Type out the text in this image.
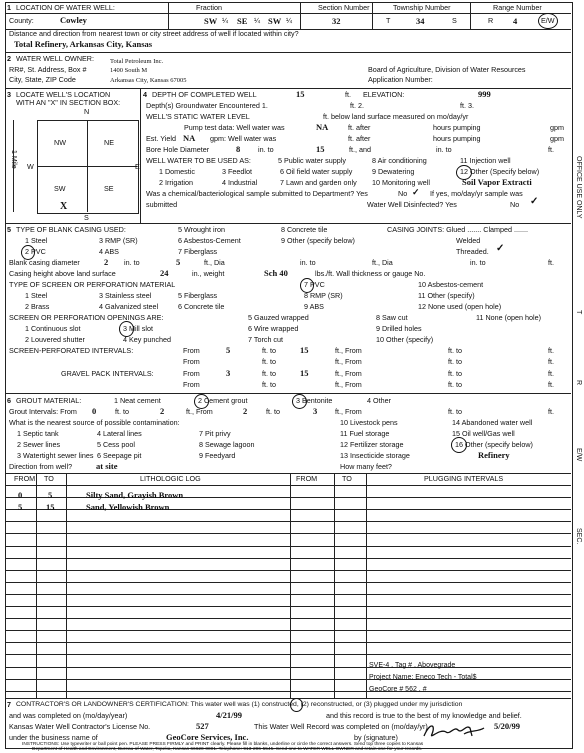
1 LOCATION OF WATER WELL:	Fraction	Section Number	Township Number	Range Number
County:	Cowley	SW ¼ SE ¼ SW ¼	32	T	34	S	R 4	E/W
Distance and direction from nearest town or city street address of well if located within city?
Total Refinery, Arkansas City, Kansas
2 WATER WELL OWNER: Total Petroleum Inc.
RR#, St. Address, Box #	1400 South M
City, State, ZIP Code	Arkansas City, Kansas 67005
Board of Agriculture, Division of Water Resources
Application Number:
3 LOCATE WELL'S LOCATION
WITH AN "X" IN SECTION BOX:
N
NW	NE
SW	SE
X
W	E
S
1 Mile
4 DEPTH OF COMPLETED WELL	15	ft. ELEVATION:	999
Depth(s) Groundwater Encountered 1.	ft. 2.	ft. 3.
WELL'S STATIC WATER LEVEL	ft. below land surface measured on mo/day/yr
Pump test data: Well water was	NA	ft. after	hours pumping	gpm
Est. Yield NA gpm: Well water was	ft. after	hours pumping	gpm
Bore Hole Diameter	8 in. to	15	ft., and	in. to	ft.
WELL WATER TO BE USED AS:	5 Public water supply	8 Air conditioning	11 Injection well
1 Domestic	3 Feedlot	6 Oil field water supply	9 Dewatering	12 Other (Specify below)
2 Irrigation	4 Industrial	7 Lawn and garden only 10 Monitoring well	Soil Vapor Extracti
Was a chemical/bacteriological sample submitted to Department? Yes	No ✓ If yes, mo/day/yr sample was
submitted	Water Well Disinfected? Yes	No ✓
5 TYPE OF BLANK CASING USED:	5 Wrought iron	8 Concrete tile	CASING JOINTS: Glued ....... Clamped .......
1 Steel	3 RMP (SR)	6 Asbestos-Cement	9 Other (specify below)	Welded
2 PVC	4 ABS	7 Fiberglass	Threaded. ✓
Blank casing diameter	2 in. to	5	ft., Dia	in. to	ft., Dia	in. to	ft.
Casing height above land surface	24	in., weight	Sch 40	lbs./ft. Wall thickness or gauge No.
TYPE OF SCREEN OR PERFORATION MATERIAL	7 PVC	10 Asbestos-cement
1 Steel	3 Stainless steel	5 Fiberglass	8 RMP (SR)	11 Other (specify)
2 Brass	4 Galvanized steel	6 Concrete tile	9 ABS	12 None used (open hole)
SCREEN OR PERFORATION OPENINGS ARE:	5 Gauzed wrapped	8 Saw cut	11 None (open hole)
1 Continuous slot	3 Mill slot	6 Wire wrapped	9 Drilled holes
2 Louvered shutter	4 Key punched	7 Torch cut	10 Other (specify)
SCREEN-PERFORATED INTERVALS:	From	5	ft. to	15	ft., From	ft. to	ft.
From	ft. to	ft., From	ft. to	ft.
GRAVEL PACK INTERVALS:	From	3	ft. to	15	ft., From	ft. to	ft.
From	ft. to	ft., From	ft. to	ft.
6 GROUT MATERIAL:	1 Neat cement	2 Cement grout	3 Bentonite	4 Other
Grout Intervals: From 0	ft. to	2	ft., From	2	ft. to	3 ft., From	ft. to	ft.
What is the nearest source of possible contamination:	10 Livestock pens	14 Abandoned water well
1 Septic tank	4 Lateral lines	7 Pit privy	11 Fuel storage	15 Oil well/Gas well
2 Sewer lines	5 Cess pool	8 Sewage lagoon	12 Fertilizer storage	16 Other (specify below)
3 Watertight sewer lines 6 Seepage pit	9 Feedyard	13 Insecticide storage	Refinery
Direction from well?	at site	How many feet?
FROM TO	LITHOLOGIC LOG	FROM	TO	PLUGGING INTERVALS
0	5	Silty Sand, Grayish Brown
5	15	Sand, Yellowish Brown
SVE-4 , Tag # , Abovegrade
Project Name: Eneco Tech - Total$
GeoCore # 562 , #
7 CONTRACTOR'S OR LANDOWNER'S CERTIFICATION: This water well was (1) constructed, (2) reconstructed, or (3) plugged under my jurisdiction
and was completed on (mo/day/year)	4/21/99	and this record is true to the best of my knowledge and belief.
Kansas Water Well Contractor's License No.	527	This Water Well Record was completed on (mo/day/yr)	5/20/99
under the business name of	GeoCore Services, Inc.	by (signature)
INSTRUCTIONS: Use typewriter or ball point pen. PLEASE PRESS FIRMLY and PRINT clearly. Please fill in blanks, underline or circle the correct answers. Send top three copies to Kansas
Department of Health and Environment, Bureau of Water, Topeka, Kansas 66620-0001. Telephone: 913-296-5545. Send one to WATER WELL OWNER and retain one for your records.
OFFICE USE ONLY
T
R
E/W
SEC.
